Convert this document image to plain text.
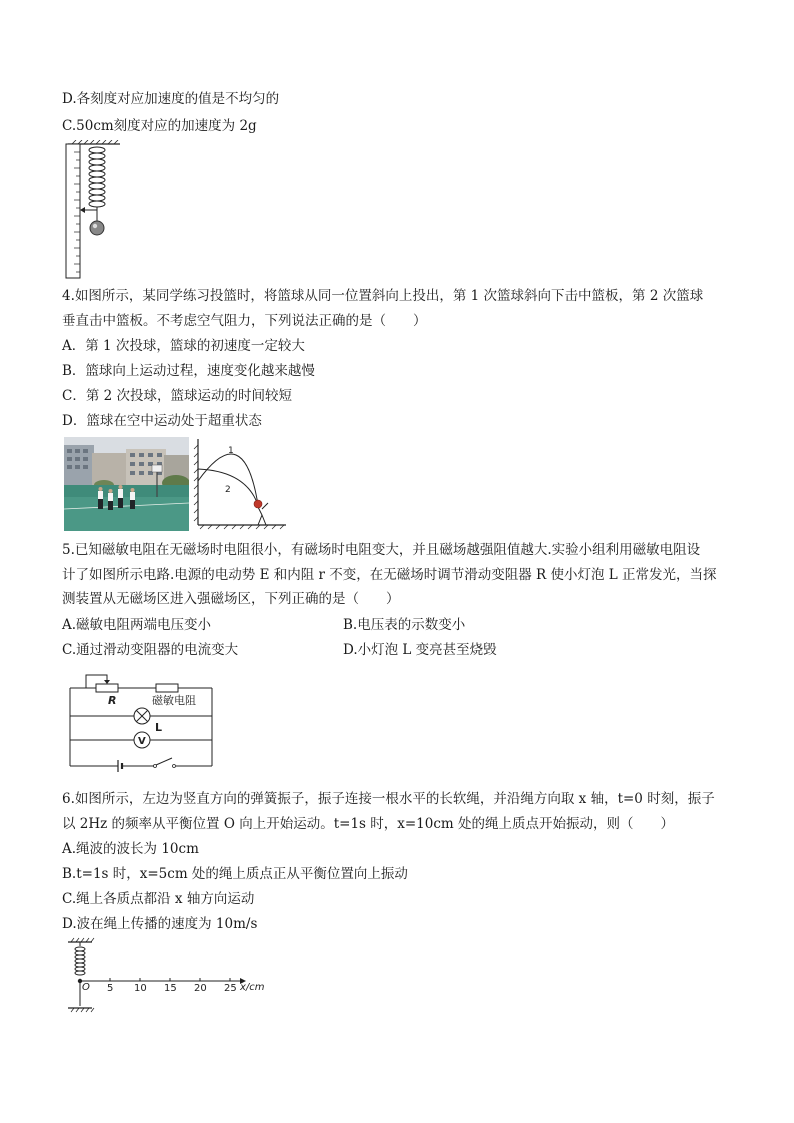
D.各刻度对应加速度的值是不均匀的
C.50cm刻度对应的加速度为 2g
4.如图所示，某同学练习投篮时，将篮球从同一位置斜向上投出，第 1 次篮球斜向下击中篮板，第 2 次篮球
垂直击中篮板。不考虑空气阻力，下列说法正确的是（　　）
A．第 1 次投球，篮球的初速度一定较大
B．篮球向上运动过程，速度变化越来越慢
C．第 2 次投球，篮球运动的时间较短
D．篮球在空中运动处于超重状态
1
2
5.已知磁敏电阻在无磁场时电阻很小，有磁场时电阻变大，并且磁场越强阻值越大.实验小组利用磁敏电阻设
计了如图所示电路.电源的电动势 E 和内阻 r 不变，在无磁场时调节滑动变阻器 R 使小灯泡 L 正常发光，当探
测装置从无磁场区进入强磁场区，下列正确的是（　　）
A.磁敏电阻两端电压变小	B.电压表的示数变小
C.通过滑动变阻器的电流变大	D.小灯泡 L 变亮甚至烧毁
R	磁敏电阻
L
V
6.如图所示，左边为竖直方向的弹簧振子，振子连接一根水平的长软绳，并沿绳方向取 x 轴，t=0 时刻，振子
以 2Hz 的频率从平衡位置 O 向上开始运动。t=1s 时，x=10cm 处的绳上质点开始振动，则（　　）
A.绳波的波长为 10cm
B.t=1s 时，x=5cm 处的绳上质点正从平衡位置向上振动
C.绳上各质点都沿 x 轴方向运动
D.波在绳上传播的速度为 10m/s
O 5 10 15 20 25 x/cm
